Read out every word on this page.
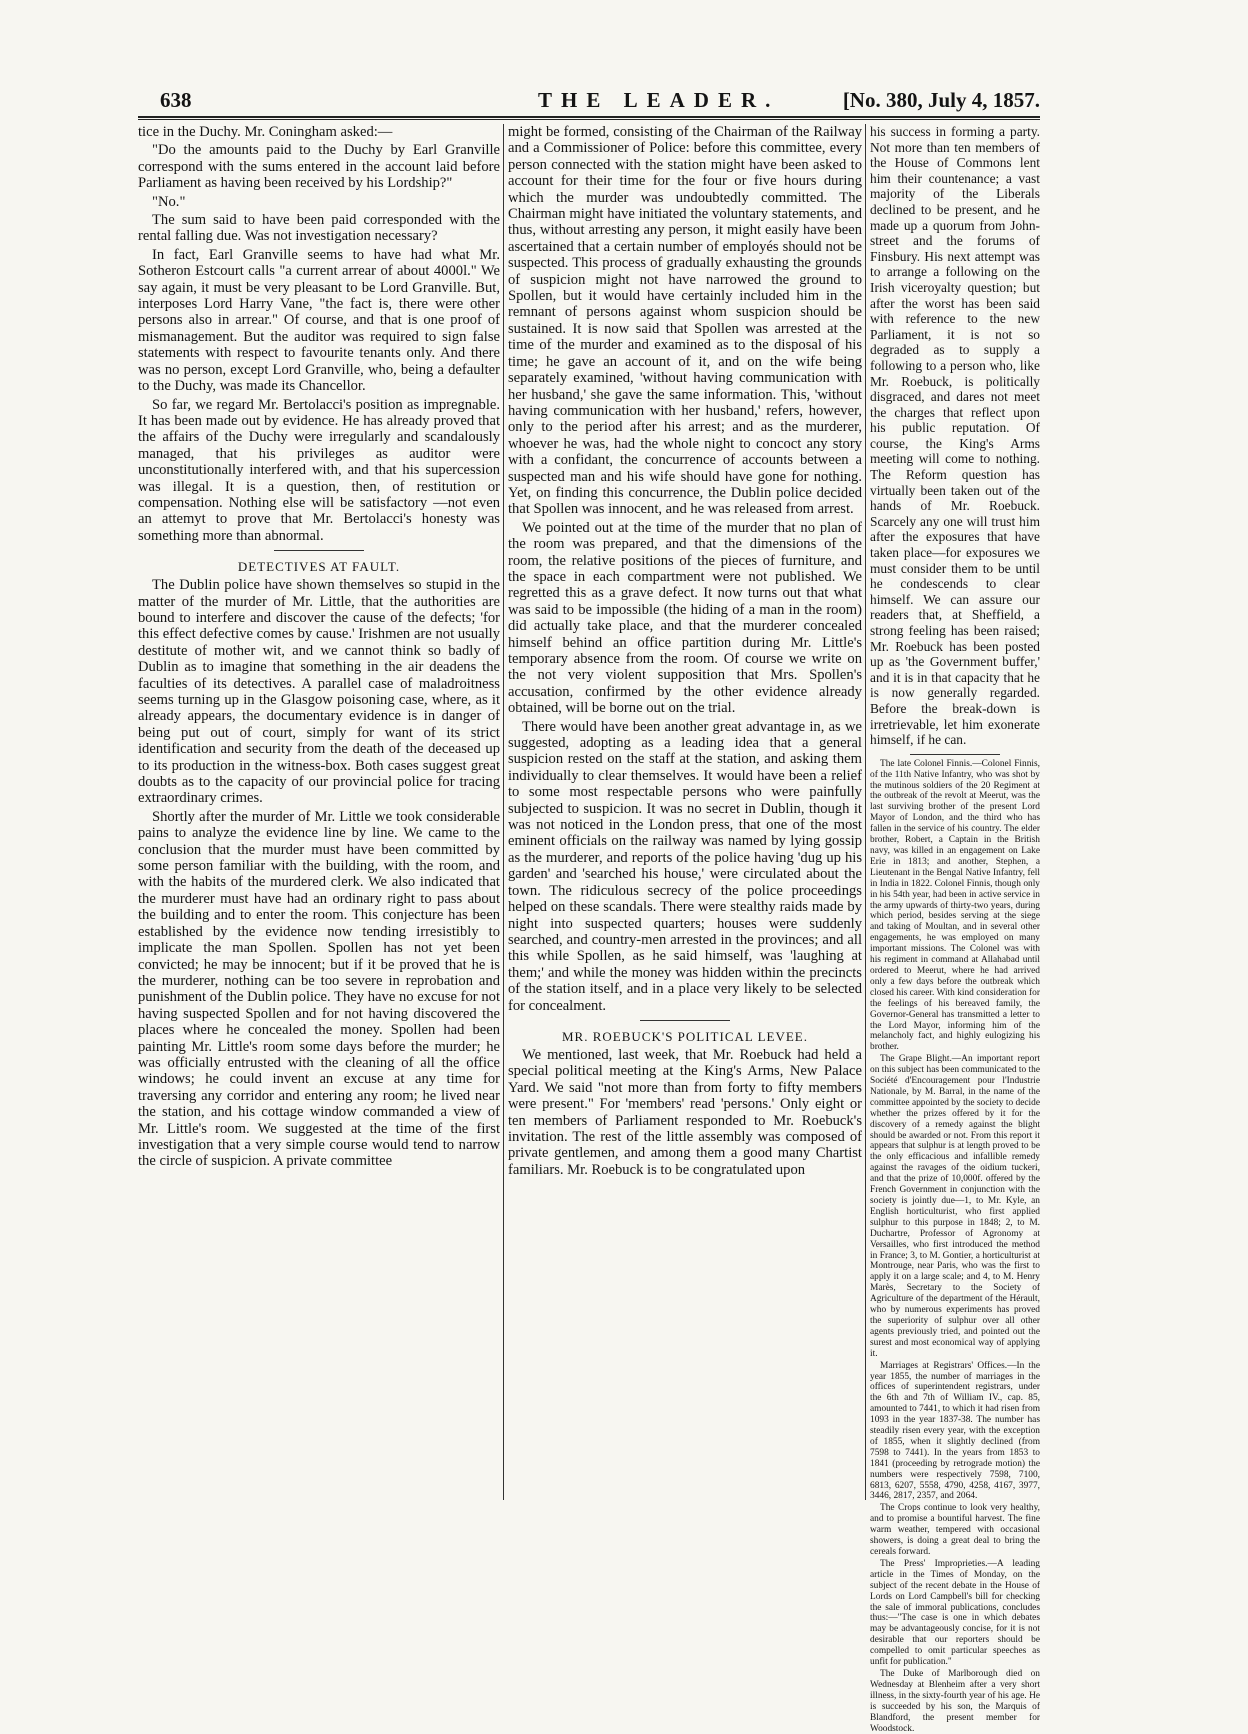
638	THE LEADER.	[No. 380, July 4, 1857.

tice in the Duchy. Mr. Coningham asked:—

"Do the amounts paid to the Duchy by Earl Granville correspond with the sums entered in the account laid before Parliament as having been received by his Lordship?"

"No."

The sum said to have been paid corresponded with the rental falling due. Was not investigation necessary?

In fact, Earl Granville seems to have had what Mr. Sotheron Estcourt calls "a current arrear of about 4000l." We say again, it must be very pleasant to be Lord Granville. But, interposes Lord Harry Vane, "the fact is, there were other persons also in arrear." Of course, and that is one proof of mismanagement. But the auditor was required to sign false statements with respect to favourite tenants only. And there was no person, except Lord Granville, who, being a defaulter to the Duchy, was made its Chancellor.

So far, we regard Mr. Bertolacci's position as impregnable. It has been made out by evidence. He has already proved that the affairs of the Duchy were irregularly and scandalously managed, that his privileges as auditor were unconstitutionally interfered with, and that his supercession was illegal. It is a question, then, of restitution or compensation. Nothing else will be satisfactory —not even an attemyt to prove that Mr. Bertolacci's honesty was something more than abnormal.

DETECTIVES AT FAULT.

The Dublin police have shown themselves so stupid in the matter of the murder of Mr. Little, that the authorities are bound to interfere and discover the cause of the defects; 'for this effect defective comes by cause.' Irishmen are not usually destitute of mother wit, and we cannot think so badly of Dublin as to imagine that something in the air deadens the faculties of its detectives. A parallel case of maladroitness seems turning up in the Glasgow poisoning case, where, as it already appears, the documentary evidence is in danger of being put out of court, simply for want of its strict identification and security from the death of the deceased up to its production in the witness-box. Both cases suggest great doubts as to the capacity of our provincial police for tracing extraordinary crimes.

Shortly after the murder of Mr. Little we took considerable pains to analyze the evidence line by line. We came to the conclusion that the murder must have been committed by some person familiar with the building, with the room, and with the habits of the murdered clerk. We also indicated that the murderer must have had an ordinary right to pass about the building and to enter the room. This conjecture has been established by the evidence now tending irresistibly to implicate the man Spollen. Spollen has not yet been convicted; he may be innocent; but if it be proved that he is the murderer, nothing can be too severe in reprobation and punishment of the Dublin police. They have no excuse for not having suspected Spollen and for not having discovered the places where he concealed the money. Spollen had been painting Mr. Little's room some days before the murder; he was officially entrusted with the cleaning of all the office windows; he could invent an excuse at any time for traversing any corridor and entering any room; he lived near the station, and his cottage window commanded a view of Mr. Little's room. We suggested at the time of the first investigation that a very simple course would tend to narrow the circle of suspicion. A private committee

might be formed, consisting of the Chairman of the Railway and a Commissioner of Police: before this committee, every person connected with the station might have been asked to account for their time for the four or five hours during which the murder was undoubtedly committed. The Chairman might have initiated the voluntary statements, and thus, without arresting any person, it might easily have been ascertained that a certain number of employés should not be suspected. This process of gradually exhausting the grounds of suspicion might not have narrowed the ground to Spollen, but it would have certainly included him in the remnant of persons against whom suspicion should be sustained. It is now said that Spollen was arrested at the time of the murder and examined as to the disposal of his time; he gave an account of it, and on the wife being separately examined, 'without having communication with her husband,' she gave the same information. This, 'without having communication with her husband,' refers, however, only to the period after his arrest; and as the murderer, whoever he was, had the whole night to concoct any story with a confidant, the concurrence of accounts between a suspected man and his wife should have gone for nothing. Yet, on finding this concurrence, the Dublin police decided that Spollen was innocent, and he was released from arrest.

We pointed out at the time of the murder that no plan of the room was prepared, and that the dimensions of the room, the relative positions of the pieces of furniture, and the space in each compartment were not published. We regretted this as a grave defect. It now turns out that what was said to be impossible (the hiding of a man in the room) did actually take place, and that the murderer concealed himself behind an office partition during Mr. Little's temporary absence from the room. Of course we write on the not very violent supposition that Mrs. Spollen's accusation, confirmed by the other evidence already obtained, will be borne out on the trial.

There would have been another great advantage in, as we suggested, adopting as a leading idea that a general suspicion rested on the staff at the station, and asking them individually to clear themselves. It would have been a relief to some most respectable persons who were painfully subjected to suspicion. It was no secret in Dublin, though it was not noticed in the London press, that one of the most eminent officials on the railway was named by lying gossip as the murderer, and reports of the police having 'dug up his garden' and 'searched his house,' were circulated about the town. The ridiculous secrecy of the police proceedings helped on these scandals. There were stealthy raids made by night into suspected quarters; houses were suddenly searched, and country-men arrested in the provinces; and all this while Spollen, as he said himself, was 'laughing at them;' and while the money was hidden within the precincts of the station itself, and in a place very likely to be selected for concealment.

MR. ROEBUCK'S POLITICAL LEVEE.

We mentioned, last week, that Mr. Roebuck had held a special political meeting at the King's Arms, New Palace Yard. We said "not more than from forty to fifty members were present." For 'members' read 'persons.' Only eight or ten members of Parliament responded to Mr. Roebuck's invitation. The rest of the little assembly was composed of private gentlemen, and among them a good many Chartist familiars. Mr. Roebuck is to be congratulated upon

his success in forming a party. Not more than ten members of the House of Commons lent him their countenance; a vast majority of the Liberals declined to be present, and he made up a quorum from John-street and the forums of Finsbury. His next attempt was to arrange a following on the Irish viceroyalty question; but after the worst has been said with reference to the new Parliament, it is not so degraded as to supply a following to a person who, like Mr. Roebuck, is politically disgraced, and dares not meet the charges that reflect upon his public reputation. Of course, the King's Arms meeting will come to nothing. The Reform question has virtually been taken out of the hands of Mr. Roebuck. Scarcely any one will trust him after the exposures that have taken place—for exposures we must consider them to be until he condescends to clear himself. We can assure our readers that, at Sheffield, a strong feeling has been raised; Mr. Roebuck has been posted up as 'the Government buffer,' and it is in that capacity that he is now generally regarded. Before the break-down is irretrievable, let him exonerate himself, if he can.

The late Colonel Finnis.—Colonel Finnis, of the 11th Native Infantry, who was shot by the mutinous soldiers of the 20 Regiment at the outbreak of the revolt at Meerut, was the last surviving brother of the present Lord Mayor of London, and the third who has fallen in the service of his country. The elder brother, Robert, a Captain in the British navy, was killed in an engagement on Lake Erie in 1813; and another, Stephen, a Lieutenant in the Bengal Native Infantry, fell in India in 1822. Colonel Finnis, though only in his 54th year, had been in active service in the army upwards of thirty-two years, during which period, besides serving at the siege and taking of Moultan, and in several other engagements, he was employed on many important missions. The Colonel was with his regiment in command at Allahabad until ordered to Meerut, where he had arrived only a few days before the outbreak which closed his career. With kind consideration for the feelings of his bereaved family, the Governor-General has transmitted a letter to the Lord Mayor, informing him of the melancholy fact, and highly eulogizing his brother.

The Grape Blight.—An important report on this subject has been communicated to the Société d'Encouragement pour l'Industrie Nationale, by M. Barral, in the name of the committee appointed by the society to decide whether the prizes offered by it for the discovery of a remedy against the blight should be awarded or not. From this report it appears that sulphur is at length proved to be the only efficacious and infallible remedy against the ravages of the oidium tuckeri, and that the prize of 10,000f. offered by the French Government in conjunction with the society is jointly due—1, to Mr. Kyle, an English horticulturist, who first applied sulphur to this purpose in 1848; 2, to M. Duchartre, Professor of Agronomy at Versailles, who first introduced the method in France; 3, to M. Gontier, a horticulturist at Montrouge, near Paris, who was the first to apply it on a large scale; and 4, to M. Henry Marès, Secretary to the Society of Agriculture of the department of the Hérault, who by numerous experiments has proved the superiority of sulphur over all other agents previously tried, and pointed out the surest and most economical way of applying it.

Marriages at Registrars' Offices.—In the year 1855, the number of marriages in the offices of superintendent registrars, under the 6th and 7th of William IV., cap. 85, amounted to 7441, to which it had risen from 1093 in the year 1837-38. The number has steadily risen every year, with the exception of 1855, when it slightly declined (from 7598 to 7441). In the years from 1853 to 1841 (proceeding by retrograde motion) the numbers were respectively 7598, 7100, 6813, 6207, 5558, 4790, 4258, 4167, 3977, 3446, 2817, 2357, and 2064.

The Crops continue to look very healthy, and to promise a bountiful harvest. The fine warm weather, tempered with occasional showers, is doing a great deal to bring the cereals forward.

The Press' Improprieties.—A leading article in the Times of Monday, on the subject of the recent debate in the House of Lords on Lord Campbell's bill for checking the sale of immoral publications, concludes thus:—"The case is one in which debates may be advantageously concise, for it is not desirable that our reporters should be compelled to omit particular speeches as unfit for publication."

The Duke of Marlborough died on Wednesday at Blenheim after a very short illness, in the sixty-fourth year of his age. He is succeeded by his son, the Marquis of Blandford, the present member for Woodstock.
